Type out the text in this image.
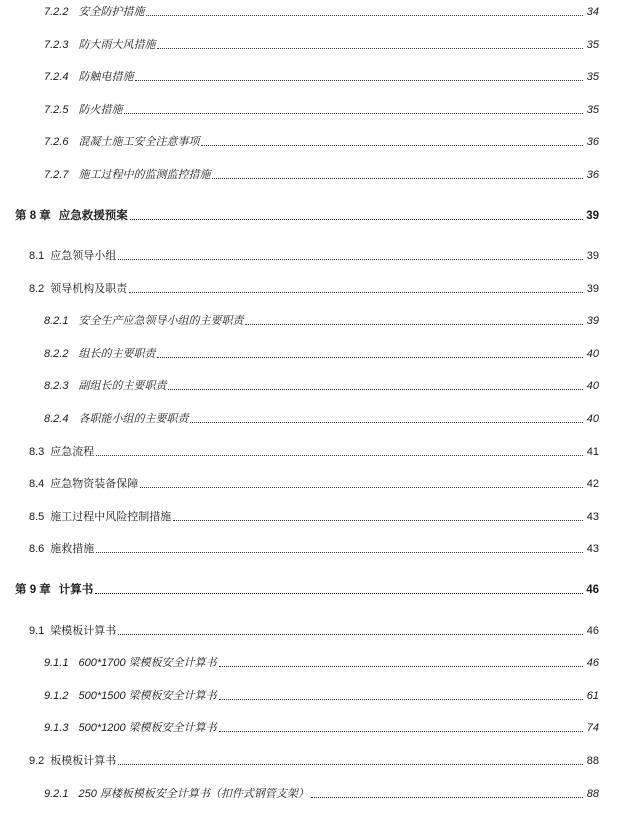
7.2.2 安全防护措施	34
7.2.3 防大雨大风措施	35
7.2.4 防触电措施	35
7.2.5 防火措施	35
7.2.6 混凝土施工安全注意事项	36
7.2.7 施工过程中的监测监控措施	36
第 8 章 应急救援预案	39
8.1 应急领导小组	39
8.2 领导机构及职责	39
8.2.1 安全生产应急领导小组的主要职责	39
8.2.2 组长的主要职责	40
8.2.3 副组长的主要职责	40
8.2.4 各职能小组的主要职责	40
8.3 应急流程	41
8.4 应急物资装备保障	42
8.5 施工过程中风险控制措施	43
8.6 施救措施	43
第 9 章 计算书	46
9.1 梁模板计算书	46
9.1.1 600*1700 梁模板安全计算书	46
9.1.2 500*1500 梁模板安全计算书	61
9.1.3 500*1200 梁模板安全计算书	74
9.2 板模板计算书	88
9.2.1 250 厚楼板模板安全计算书（扣件式钢管支架）	88
